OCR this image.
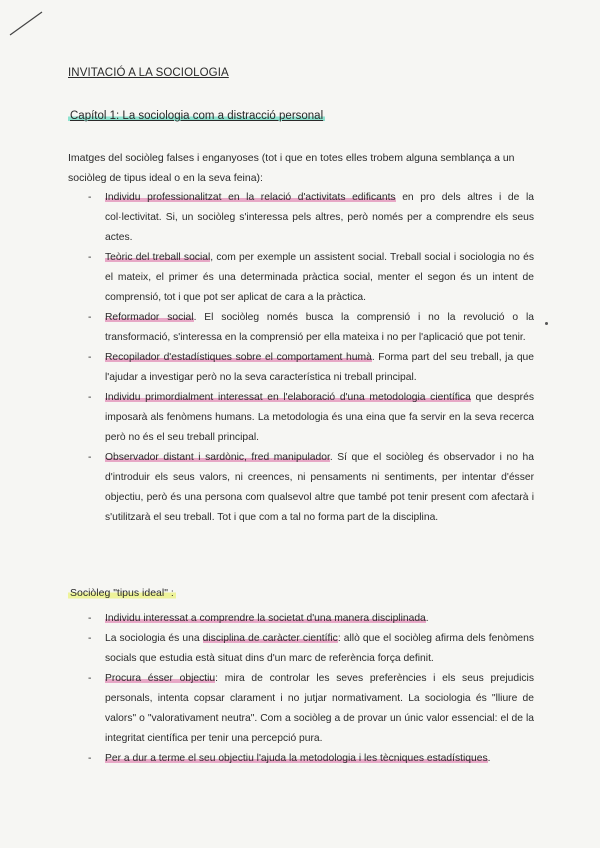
INVITACIÓ A LA SOCIOLOGIA
Capítol 1: La sociologia com a distracció personal
Imatges del sociòleg falses i enganyoses (tot i que en totes elles trobem alguna semblança a un sociòleg de tipus ideal o en la seva feina):
- Individu professionalitzat en la relació d'activitats edificants en pro dels altres i de la col·lectivitat. Si, un sociòleg s'interessa pels altres, però només per a comprendre els seus actes.
- Teòric del treball social, com per exemple un assistent social. Treball social i sociologia no és el mateix, el primer és una determinada pràctica social, menter el segon és un intent de comprensió, tot i que pot ser aplicat de cara a la pràctica.
- Reformador social. El sociòleg només busca la comprensió i no la revolució o la transformació, s'interessa en la comprensió per ella mateixa i no per l'aplicació que pot tenir.
- Recopilador d'estadístiques sobre el comportament humà. Forma part del seu treball, ja que l'ajudar a investigar però no la seva característica ni treball principal.
- Individu primordialment interessat en l'elaboració d'una metodologia científica que després imposarà als fenòmens humans. La metodologia és una eina que fa servir en la seva recerca però no és el seu treball principal.
- Observador distant i sardònic, fred manipulador. Sí que el sociòleg és observador i no ha d'introduir els seus valors, ni creences, ni pensaments ni sentiments, per intentar d'ésser objectiu, però és una persona com qualsevol altre que també pot tenir present com afectarà i s'utilitzarà el seu treball. Tot i que com a tal no forma part de la disciplina.
Sociòleg "tipus ideal" :
- Individu interessat a comprendre la societat d'una manera disciplinada.
- La sociologia és una disciplina de caràcter científic: allò que el sociòleg afirma dels fenòmens socials que estudia està situat dins d'un marc de referència força definit.
- Procura ésser objectiu: mira de controlar les seves preferències i els seus prejudicis personals, intenta copsar clarament i no jutjar normativament. La sociologia és "lliure de valors" o "valorativament neutra". Com a sociòleg a de provar un únic valor essencial: el de la integritat científica per tenir una percepció pura.
- Per a dur a terme el seu objectiu l'ajuda la metodologia i les tècniques estadístiques.
